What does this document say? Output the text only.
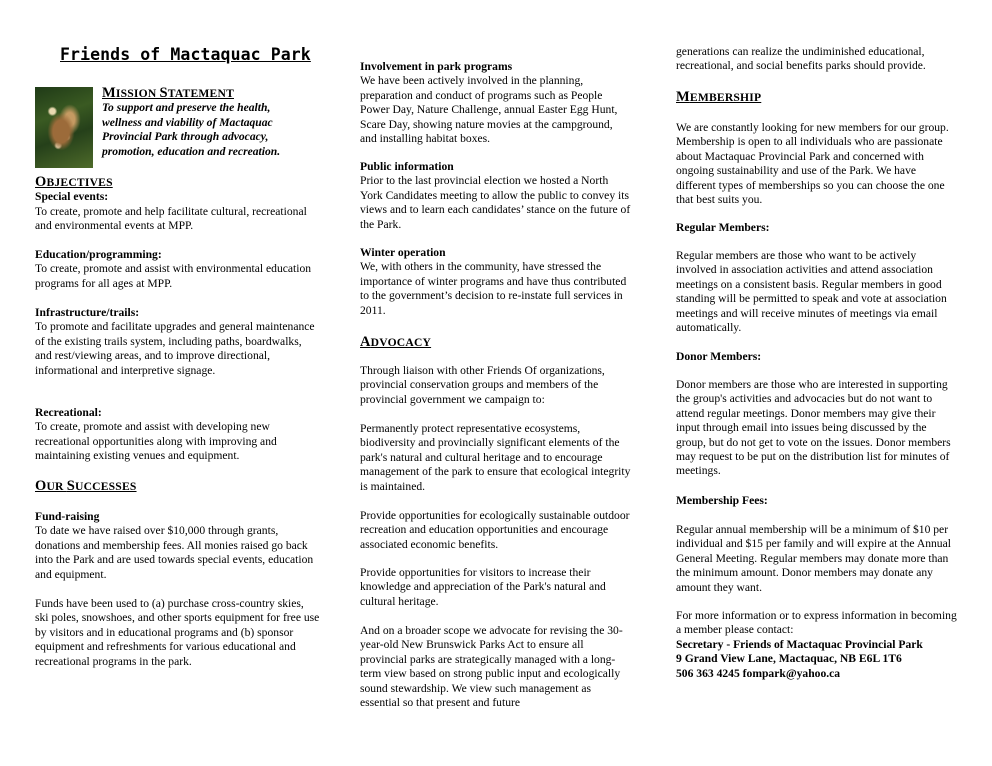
Friends of Mactaquac Park
MISSION STATEMENT

To support and preserve the health, wellness and viability of Mactaquac Provincial Park through advocacy, promotion, education and recreation.

OBJECTIVES
Special events:

To create, promote and help facilitate cultural, recreational and environmental events at MPP.

Education/programming:

To create, promote and assist with environmental education programs for all ages at MPP.

Infrastructure/trails:

To promote and facilitate upgrades and general maintenance of the existing trails system, including paths, boardwalks, and rest/viewing areas, and to improve directional, informational and interpretive signage.

Recreational:

To create, promote and assist with developing new recreational opportunities along with improving and maintaining existing venues and equipment.

OUR SUCCESSES
Fund-raising

To date we have raised over $10,000 through grants, donations and membership fees. All monies raised go back into the Park and are used towards special events, education and equipment.

Funds have been used to (a) purchase cross-country skies, ski poles, snowshoes, and other sports equipment for free use by visitors and in educational programs and (b) sponsor equipment and refreshments for various educational and recreational programs in the park.

Involvement in park programs

We have been actively involved in the planning, preparation and conduct of programs such as People Power Day, Nature Challenge, annual Easter Egg Hunt, Scare Day, showing nature movies at the campground, and installing habitat boxes.

Public information

Prior to the last provincial election we hosted a North York Candidates meeting to allow the public to convey its views and to learn each candidates’ stance on the future of the Park.

Winter operation

We, with others in the community, have stressed the importance of winter programs and have thus contributed to the government’s decision to re-instate full services in 2011.

ADVOCACY

Through liaison with other Friends Of organizations, provincial conservation groups and members of the provincial government we campaign to:

Permanently protect representative ecosystems, biodiversity and provincially significant elements of the park's natural and cultural heritage and to encourage management of the park to ensure that ecological integrity is maintained.

Provide opportunities for ecologically sustainable outdoor recreation and education opportunities and encourage associated economic benefits.

Provide opportunities for visitors to increase their knowledge and appreciation of the Park's natural and cultural heritage.

And on a broader scope we advocate for revising the 30-year-old New Brunswick Parks Act to ensure all provincial parks are strategically managed with a long-term view based on strong public input and ecologically sound stewardship. We view such management as essential so that present and future

generations can realize the undiminished educational, recreational, and social benefits parks should provide.

MEMBERSHIP

We are constantly looking for new members for our group. Membership is open to all individuals who are passionate about Mactaquac Provincial Park and concerned with ongoing sustainability and use of the Park. We have different types of memberships so you can choose the one that best suits you.

Regular Members:

Regular members are those who want to be actively involved in association activities and attend association meetings on a consistent basis. Regular members in good standing will be permitted to speak and vote at association meetings and will receive minutes of meetings via email automatically.

Donor Members:

Donor members are those who are interested in supporting the group's activities and advocacies but do not want to attend regular meetings. Donor members may give their input through email into issues being discussed by the group, but do not get to vote on the issues. Donor members may request to be put on the distribution list for minutes of meetings.

Membership Fees:

Regular annual membership will be a minimum of $10 per individual and $15 per family and will expire at the Annual General Meeting. Regular members may donate more than the minimum amount. Donor members may donate any amount they want.

For more information or to express information in becoming a member please contact:

Secretary - Friends of Mactaquac Provincial Park
9 Grand View Lane, Mactaquac, NB E6L 1T6
506 363 4245 fompark@yahoo.ca
